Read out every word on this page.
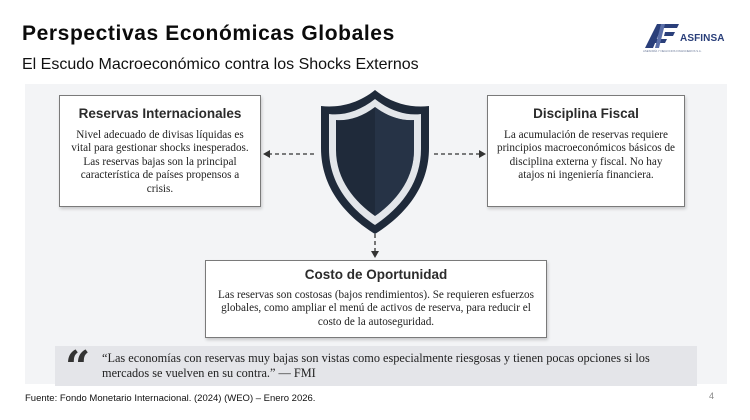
Perspectivas Económicas Globales
El Escudo Macroeconómico contra los Shocks Externos
ASFINSA
ASESORÍA Y NEGOCIOS FINANCIEROS S.A.
Reservas Internacionales

Nivel adecuado de divisas líquidas es vital para gestionar shocks inesperados. Las reservas bajas son la principal característica de países propensos a crisis.

Disciplina Fiscal

La acumulación de reservas requiere principios macroeconómicos básicos de disciplina externa y fiscal. No hay atajos ni ingeniería financiera.

Costo de Oportunidad

Las reservas son costosas (bajos rendimientos). Se requieren esfuerzos globales, como ampliar el menú de activos de reserva, para reducir el costo de la autoseguridad.

“ “Las economías con reservas muy bajas son vistas como especialmente riesgosas y tienen pocas opciones si los mercados se vuelven en su contra.” — FMI
Fuente: Fondo Monetario Internacional. (2024) (WEO) – Enero 2026.	4
